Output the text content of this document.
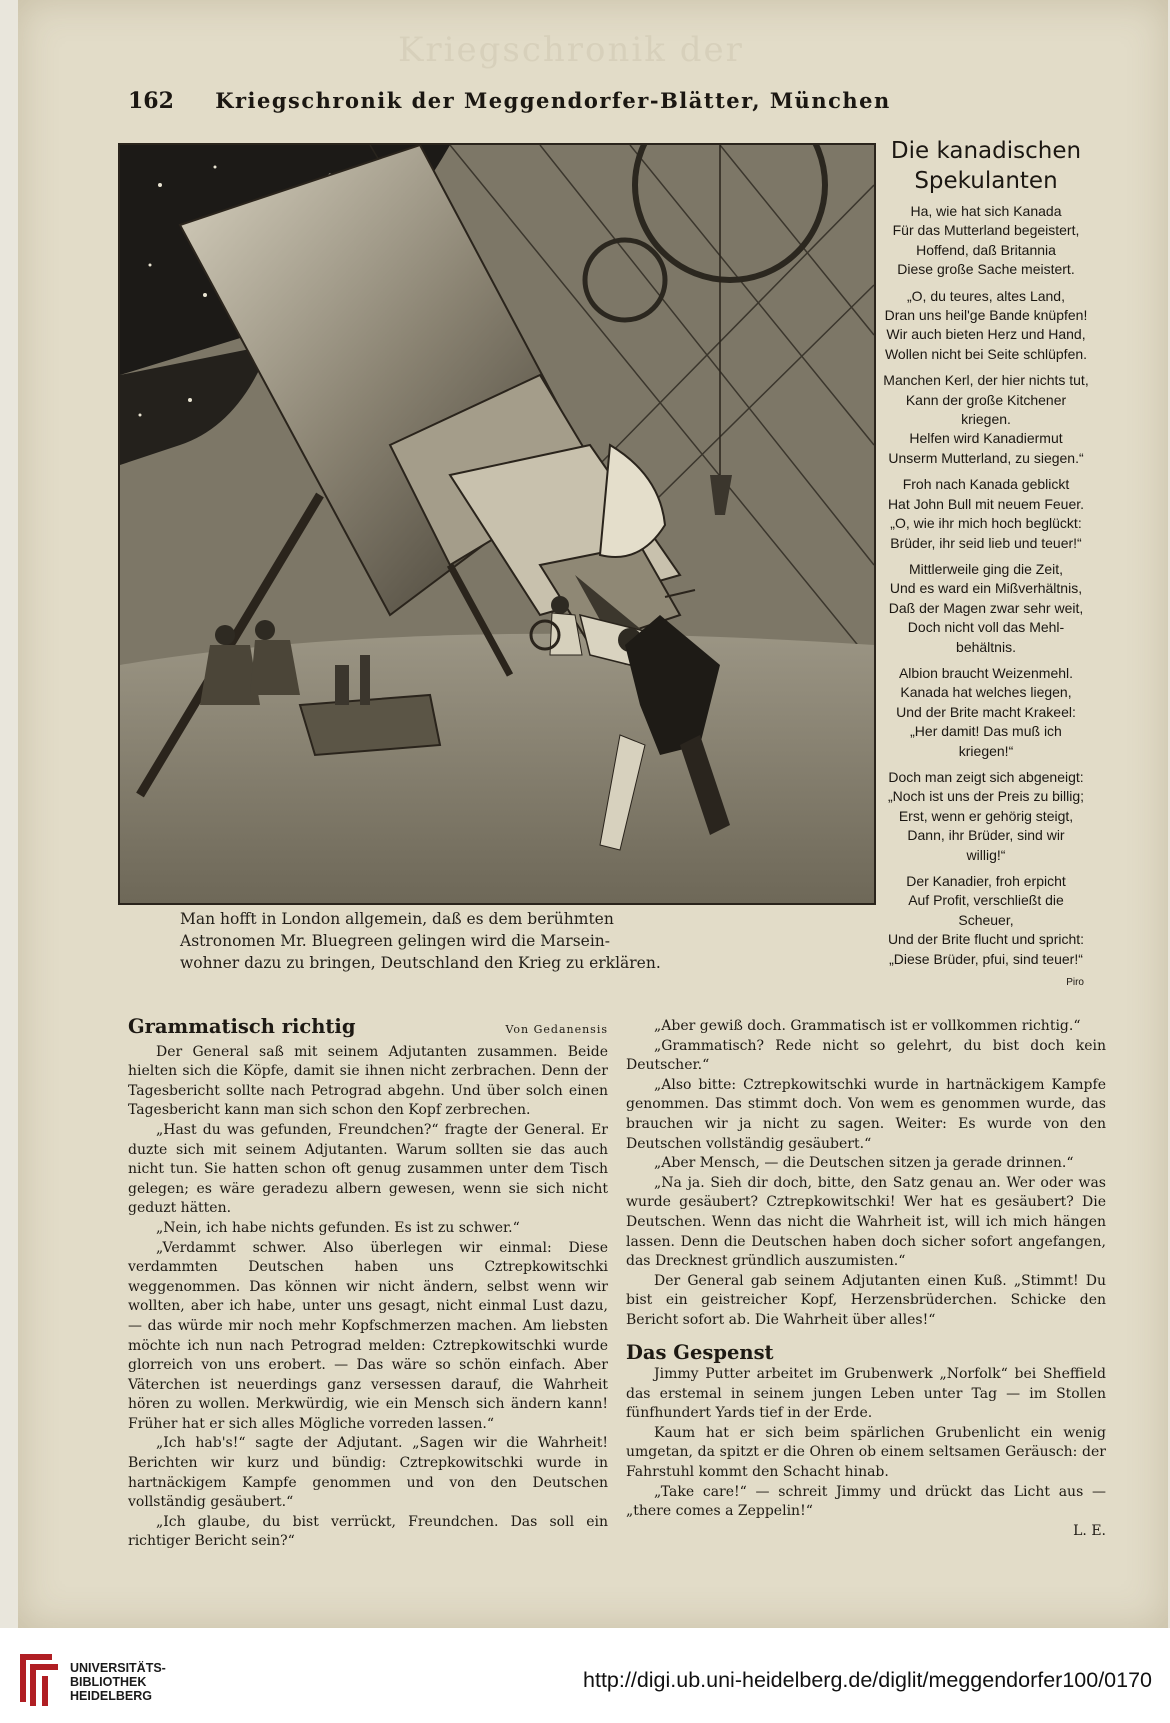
Kriegschronik der
162	Kriegschronik der Meggendorfer-Blätter, München
Man hofft in London allgemein, daß es dem berühmten
Astronomen Mr. Bluegreen gelingen wird die Marsein-
wohner dazu zu bringen, Deutschland den Krieg zu erklären.
Die kanadischen
Spekulanten
Ha, wie hat sich Kanada
Für das Mutterland begeistert,
Hoffend, daß Britannia
Diese große Sache meistert.
„O, du teures, altes Land,
Dran uns heil'ge Bande knüpfen!
Wir auch bieten Herz und Hand,
Wollen nicht bei Seite schlüpfen.
Manchen Kerl, der hier nichts tut,
Kann der große Kitchener
kriegen.
Helfen wird Kanadiermut
Unserm Mutterland, zu siegen.“
Froh nach Kanada geblickt
Hat John Bull mit neuem Feuer.
„O, wie ihr mich hoch beglückt:
Brüder, ihr seid lieb und teuer!“
Mittlerweile ging die Zeit,
Und es ward ein Mißverhältnis,
Daß der Magen zwar sehr weit,
Doch nicht voll das Mehl-
behältnis.
Albion braucht Weizenmehl.
Kanada hat welches liegen,
Und der Brite macht Krakeel:
„Her damit! Das muß ich
kriegen!“
Doch man zeigt sich abgeneigt:
„Noch ist uns der Preis zu billig;
Erst, wenn er gehörig steigt,
Dann, ihr Brüder, sind wir
willig!“
Der Kanadier, froh erpicht
Auf Profit, verschließt die
Scheuer,
Und der Brite flucht und spricht:
„Diese Brüder, pfui, sind teuer!“
Piro
Grammatisch richtig	Von Gedanensis

Der General saß mit seinem Adjutanten zusammen. Beide hielten sich die Köpfe, damit sie ihnen nicht zerbrachen. Denn der Tagesbericht sollte nach Petrograd abgehn. Und über solch einen Tagesbericht kann man sich schon den Kopf zerbrechen.

„Hast du was gefunden, Freundchen?“ fragte der General. Er duzte sich mit seinem Adjutanten. Warum sollten sie das auch nicht tun. Sie hatten schon oft genug zusammen unter dem Tisch gelegen; es wäre geradezu albern gewesen, wenn sie sich nicht geduzt hätten.

„Nein, ich habe nichts gefunden. Es ist zu schwer.“

„Verdammt schwer. Also überlegen wir einmal: Diese verdammten Deutschen haben uns Cztrepkowitschki weggenommen. Das können wir nicht ändern, selbst wenn wir wollten, aber ich habe, unter uns gesagt, nicht einmal Lust dazu, — das würde mir noch mehr Kopfschmerzen machen. Am liebsten möchte ich nun nach Petrograd melden: Cztrepkowitschki wurde glorreich von uns erobert. — Das wäre so schön einfach. Aber Väterchen ist neuerdings ganz versessen darauf, die Wahrheit hören zu wollen. Merkwürdig, wie ein Mensch sich ändern kann! Früher hat er sich alles Mögliche vorreden lassen.“

„Ich hab's!“ sagte der Adjutant. „Sagen wir die Wahrheit! Berichten wir kurz und bündig: Cztrepkowitschki wurde in hartnäckigem Kampfe genommen und von den Deutschen vollständig gesäubert.“

„Ich glaube, du bist verrückt, Freundchen. Das soll ein richtiger Bericht sein?“

„Aber gewiß doch. Grammatisch ist er vollkommen richtig.“

„Grammatisch? Rede nicht so gelehrt, du bist doch kein Deutscher.“

„Also bitte: Cztrepkowitschki wurde in hartnäckigem Kampfe genommen. Das stimmt doch. Von wem es genommen wurde, das brauchen wir ja nicht zu sagen. Weiter: Es wurde von den Deutschen vollständig gesäubert.“

„Aber Mensch, — die Deutschen sitzen ja gerade drinnen.“

„Na ja. Sieh dir doch, bitte, den Satz genau an. Wer oder was wurde gesäubert? Cztrepkowitschki! Wer hat es gesäubert? Die Deutschen. Wenn das nicht die Wahrheit ist, will ich mich hängen lassen. Denn die Deutschen haben doch sicher sofort angefangen, das Drecknest gründlich auszumisten.“

Der General gab seinem Adjutanten einen Kuß. „Stimmt! Du bist ein geistreicher Kopf, Herzensbrüderchen. Schicke den Bericht sofort ab. Die Wahrheit über alles!“

Das Gespenst

Jimmy Putter arbeitet im Grubenwerk „Norfolk“ bei Sheffield das erstemal in seinem jungen Leben unter Tag — im Stollen fünfhundert Yards tief in der Erde.

Kaum hat er sich beim spärlichen Grubenlicht ein wenig umgetan, da spitzt er die Ohren ob einem seltsamen Geräusch: der Fahrstuhl kommt den Schacht hinab.

„Take care!“ — schreit Jimmy und drückt das Licht aus — „there comes a Zeppelin!“

L. E.
UNIVERSITÄTS-
BIBLIOTHEK
HEIDELBERG
http://digi.ub.uni-heidelberg.de/diglit/meggendorfer100/0170
